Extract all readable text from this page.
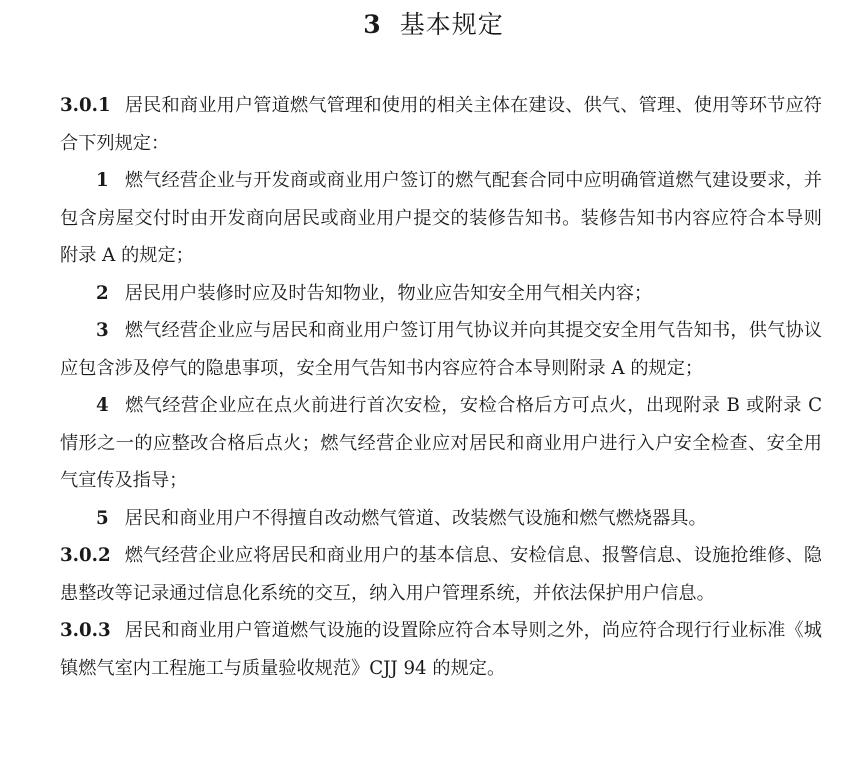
3 基本规定

3.0.1 居民和商业用户管道燃气管理和使用的相关主体在建设、供气、管理、使用等环节应符合下列规定：

1 燃气经营企业与开发商或商业用户签订的燃气配套合同中应明确管道燃气建设要求，并包含房屋交付时由开发商向居民或商业用户提交的装修告知书。装修告知书内容应符合本导则附录 A 的规定；

2 居民用户装修时应及时告知物业，物业应告知安全用气相关内容；

3 燃气经营企业应与居民和商业用户签订用气协议并向其提交安全用气告知书，供气协议应包含涉及停气的隐患事项，安全用气告知书内容应符合本导则附录 A 的规定；

4 燃气经营企业应在点火前进行首次安检，安检合格后方可点火，出现附录 B 或附录 C 情形之一的应整改合格后点火；燃气经营企业应对居民和商业用户进行入户安全检查、安全用气宣传及指导；

5 居民和商业用户不得擅自改动燃气管道、改装燃气设施和燃气燃烧器具。

3.0.2 燃气经营企业应将居民和商业用户的基本信息、安检信息、报警信息、设施抢维修、隐患整改等记录通过信息化系统的交互，纳入用户管理系统，并依法保护用户信息。

3.0.3 居民和商业用户管道燃气设施的设置除应符合本导则之外，尚应符合现行行业标准《城镇燃气室内工程施工与质量验收规范》CJJ 94 的规定。
